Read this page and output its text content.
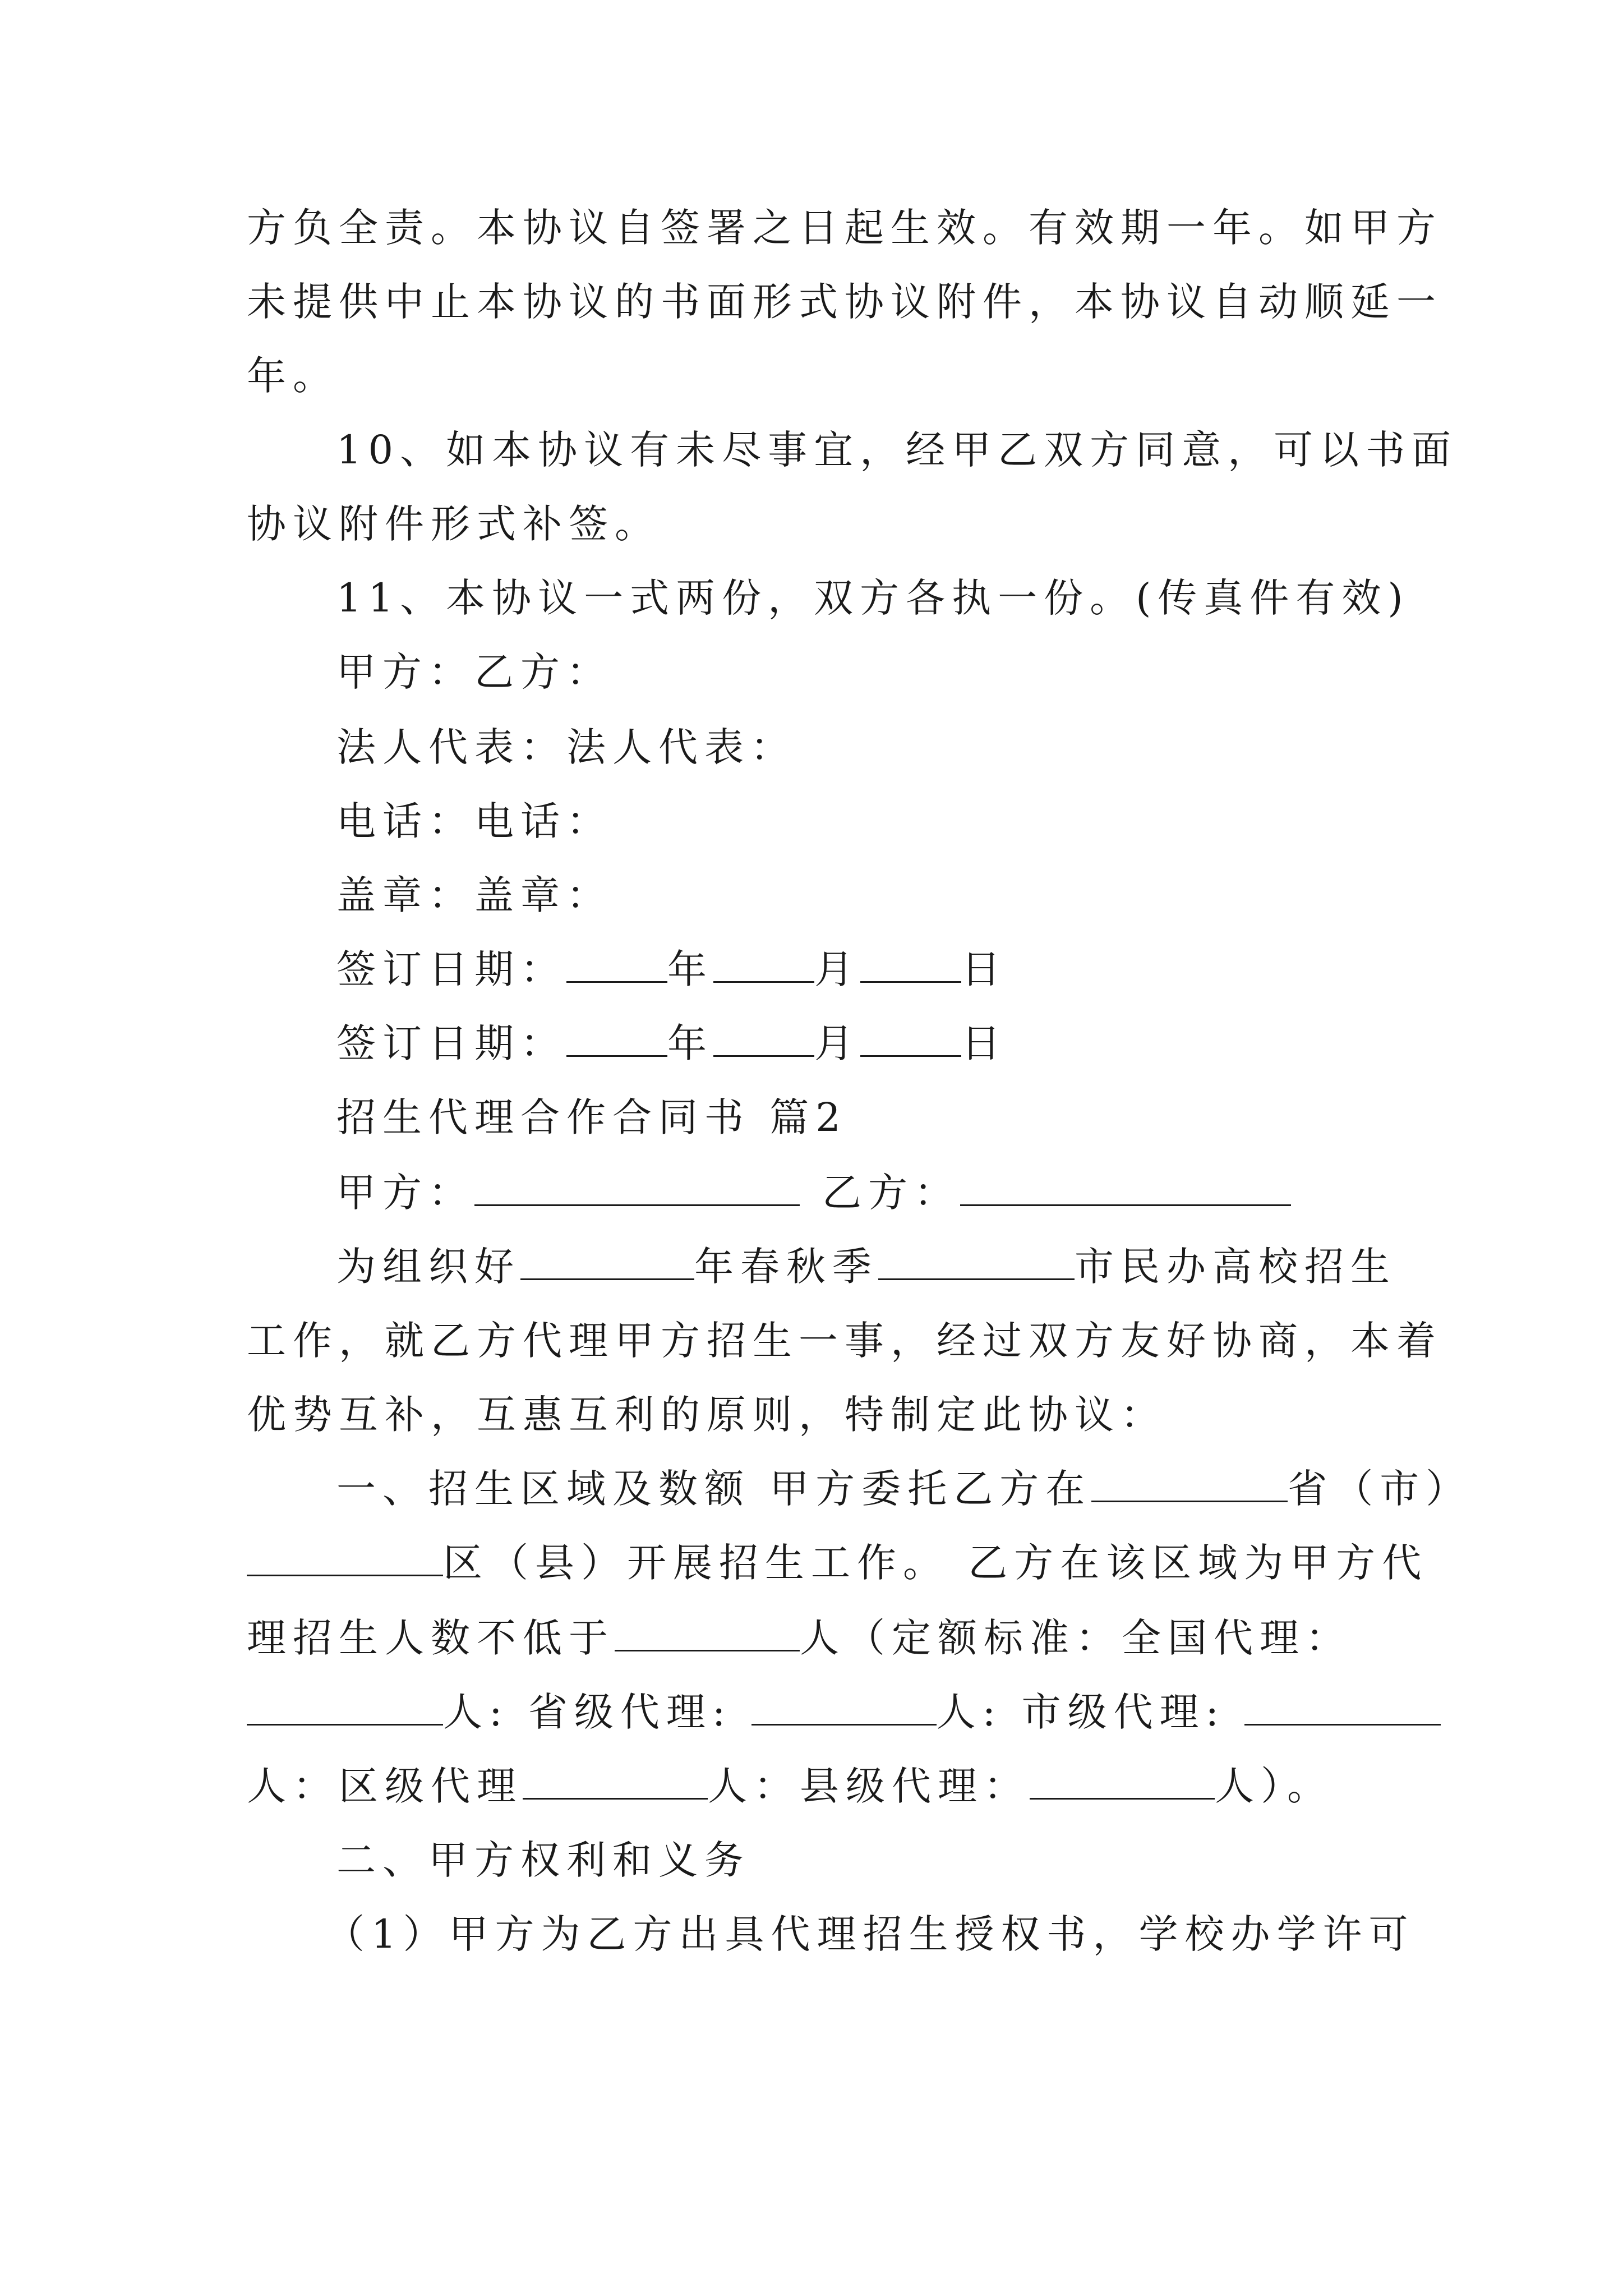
方负全责。本协议自签署之日起生效。有效期一年。如甲方
未提供中止本协议的书面形式协议附件，本协议自动顺延一
年。
10、如本协议有未尽事宜，经甲乙双方同意，可以书面
协议附件形式补签。
11、本协议一式两份，双方各执一份。(传真件有效)
甲方：乙方：
法人代表：法人代表：
电话：电话：
盖章：盖章：
签订日期：	年	月	日
签订日期：	年	月	日
招生代理合作合同书 篇2
甲方：	乙方：
为组织好	年春秋季	市民办高校招生
工作，就乙方代理甲方招生一事，经过双方友好协商，本着
优势互补，互惠互利的原则，特制定此协议：
一、招生区域及数额 甲方委托乙方在	省（市）
区（县）开展招生工作。 乙方在该区域为甲方代
理招生人数不低于	人（定额标准：全国代理：
人: 省级代理:	人: 市级代理:
人：区级代理	人：县级代理：	人）。
二、甲方权利和义务
（1）甲方为乙方出具代理招生授权书，学校办学许可
